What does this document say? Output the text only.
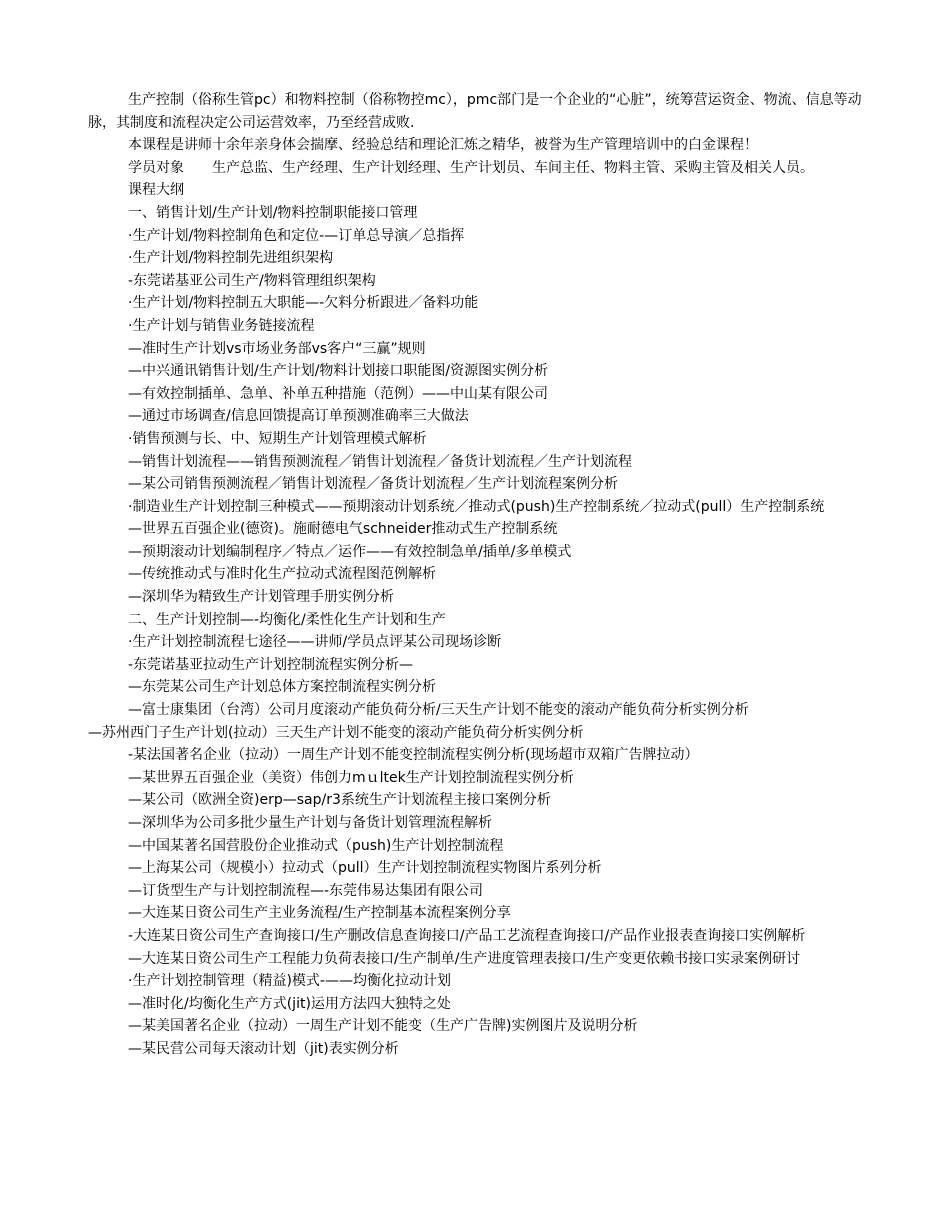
生产控制（俗称生管pc）和物料控制（俗称物控mc），pmc部门是一个企业的“心脏”，统筹营运资金、物流、信息等动脉，其制度和流程决定公司运营效率，乃至经营成败.
本课程是讲师十余年亲身体会揣摩、经验总结和理论汇炼之精华，被誉为生产管理培训中的白金课程！
学员对象　　生产总监、生产经理、生产计划经理、生产计划员、车间主任、物料主管、采购主管及相关人员。
课程大纲
一、销售计划/生产计划/物料控制职能接口管理
·生产计划/物料控制角色和定位-—订单总导演／总指挥
·生产计划/物料控制先进组织架构
-东莞诺基亚公司生产/物料管理组织架构
·生产计划/物料控制五大职能—-欠料分析跟进／备料功能
·生产计划与销售业务链接流程
—准时生产计划vs市场业务部vs客户“三赢”规则
—中兴通讯销售计划/生产计划/物料计划接口职能图/资源图实例分析
—有效控制插单、急单、补单五种措施（范例）——中山某有限公司
—通过市场调查/信息回馈提高订单预测准确率三大做法
·销售预测与长、中、短期生产计划管理模式解析
—销售计划流程——销售预测流程／销售计划流程／备货计划流程／生产计划流程
—某公司销售预测流程／销售计划流程／备货计划流程／生产计划流程案例分析
·制造业生产计划控制三种模式——预期滚动计划系统／推动式(push)生产控制系统／拉动式(pull）生产控制系统
—世界五百强企业(德资)。施耐德电气schneider推动式生产控制系统
—预期滚动计划编制程序／特点／运作——有效控制急单/插单/多单模式
—传统推动式与准时化生产拉动式流程图范例解析
—深圳华为精致生产计划管理手册实例分析
二、生产计划控制—-均衡化/柔性化生产计划和生产
·生产计划控制流程七途径——讲师/学员点评某公司现场诊断
-东莞诺基亚拉动生产计划控制流程实例分析—
—东莞某公司生产计划总体方案控制流程实例分析
—富士康集团（台湾）公司月度滚动产能负荷分析/三天生产计划不能变的滚动产能负荷分析实例分析
—苏州西门子生产计划(拉动）三天生产计划不能变的滚动产能负荷分析实例分析
-某法国著名企业（拉动）一周生产计划不能变控制流程实例分析(现场超市双箱广告牌拉动）
—某世界五百强企业（美资）伟创力mｕltek生产计划控制流程实例分析
—某公司（欧洲全资)erp—sap/r3系统生产计划流程主接口案例分析
—深圳华为公司多批少量生产计划与备货计划管理流程解析
—中国某著名国营股份企业推动式（push)生产计划控制流程
—上海某公司（规模小）拉动式（pull）生产计划控制流程实物图片系列分析
—订货型生产与计划控制流程—-东莞伟易达集团有限公司
—大连某日资公司生产主业务流程/生产控制基本流程案例分享
-大连某日资公司生产查询接口/生产删改信息查询接口/产品工艺流程查询接口/产品作业报表查询接口实例解析
—大连某日资公司生产工程能力负荷表接口/生产制单/生产进度管理表接口/生产变更依赖书接口实录案例研讨
·生产计划控制管理（精益)模式-——均衡化拉动计划
—准时化/均衡化生产方式(jit)运用方法四大独特之处
—某美国著名企业（拉动）一周生产计划不能变（生产广告牌)实例图片及说明分析
—某民营公司每天滚动计划（jit)表实例分析
